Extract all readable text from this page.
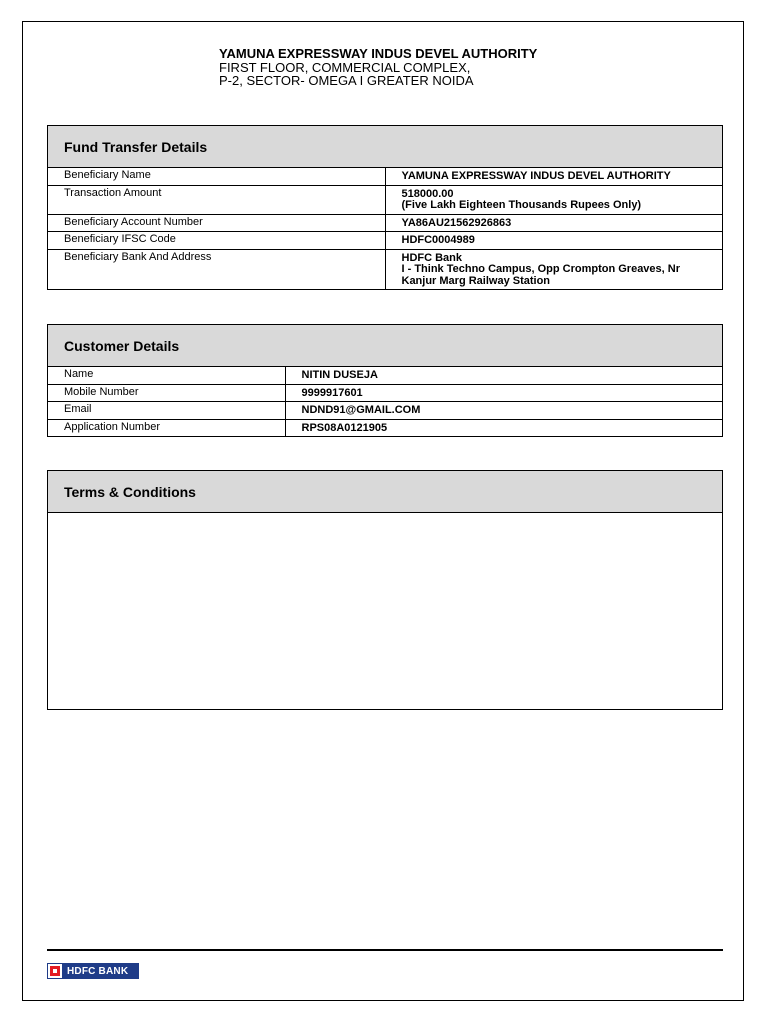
YAMUNA EXPRESSWAY INDUS DEVEL AUTHORITY
FIRST FLOOR, COMMERCIAL COMPLEX,
P-2, SECTOR- OMEGA I GREATER NOIDA
Fund Transfer Details
Beneficiary Name	YAMUNA EXPRESSWAY INDUS DEVEL AUTHORITY

Transaction Amount	518000.00
(Five Lakh Eighteen Thousands Rupees Only)

Beneficiary Account Number	YA86AU21562926863

Beneficiary IFSC Code	HDFC0004989

Beneficiary Bank And Address	HDFC Bank
I - Think Techno Campus, Opp Crompton Greaves, Nr
Kanjur Marg Railway Station
Customer Details
Name	NITIN DUSEJA

Mobile Number	9999917601

Email	NDND91@GMAIL.COM

Application Number	RPS08A0121905
Terms & Conditions
HDFC BANK
